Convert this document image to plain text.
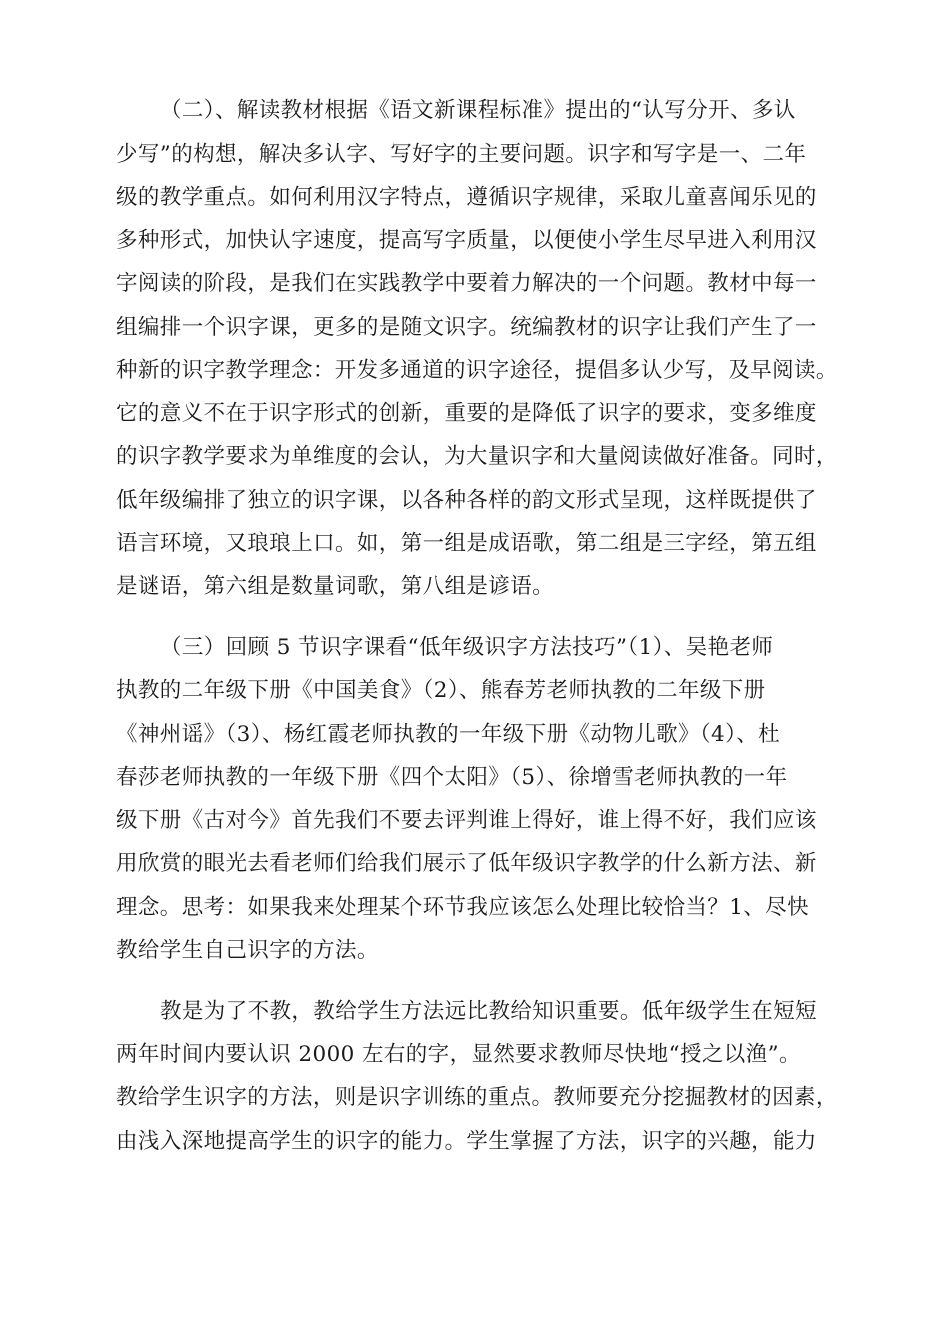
（二）、解读教材根据《语文新课程标准》提出的“认写分开、多认
少写”的构想，解决多认字、写好字的主要问题。识字和写字是一、二年
级的教学重点。如何利用汉字特点，遵循识字规律，采取儿童喜闻乐见的
多种形式，加快认字速度，提高写字质量，以便使小学生尽早进入利用汉
字阅读的阶段，是我们在实践教学中要着力解决的一个问题。教材中每一
组编排一个识字课，更多的是随文识字。统编教材的识字让我们产生了一
种新的识字教学理念：开发多通道的识字途径，提倡多认少写，及早阅读。
它的意义不在于识字形式的创新，重要的是降低了识字的要求，变多维度
的识字教学要求为单维度的会认，为大量识字和大量阅读做好准备。同时，
低年级编排了独立的识字课，以各种各样的韵文形式呈现，这样既提供了
语言环境，又琅琅上口。如，第一组是成语歌，第二组是三字经，第五组
是谜语，第六组是数量词歌，第八组是谚语。
（三）回顾 5 节识字课看“低年级识字方法技巧”（1）、吴艳老师
执教的二年级下册《中国美食》（2）、熊春芳老师执教的二年级下册
《神州谣》（3）、杨红霞老师执教的一年级下册《动物儿歌》（4）、杜
春莎老师执教的一年级下册《四个太阳》（5）、徐增雪老师执教的一年
级下册《古对今》首先我们不要去评判谁上得好，谁上得不好，我们应该
用欣赏的眼光去看老师们给我们展示了低年级识字教学的什么新方法、新
理念。思考：如果我来处理某个环节我应该怎么处理比较恰当？1、尽快
教给学生自己识字的方法。
教是为了不教，教给学生方法远比教给知识重要。低年级学生在短短
两年时间内要认识 2000 左右的字，显然要求教师尽快地“授之以渔”。
教给学生识字的方法，则是识字训练的重点。教师要充分挖掘教材的因素，
由浅入深地提高学生的识字的能力。学生掌握了方法，识字的兴趣，能力
